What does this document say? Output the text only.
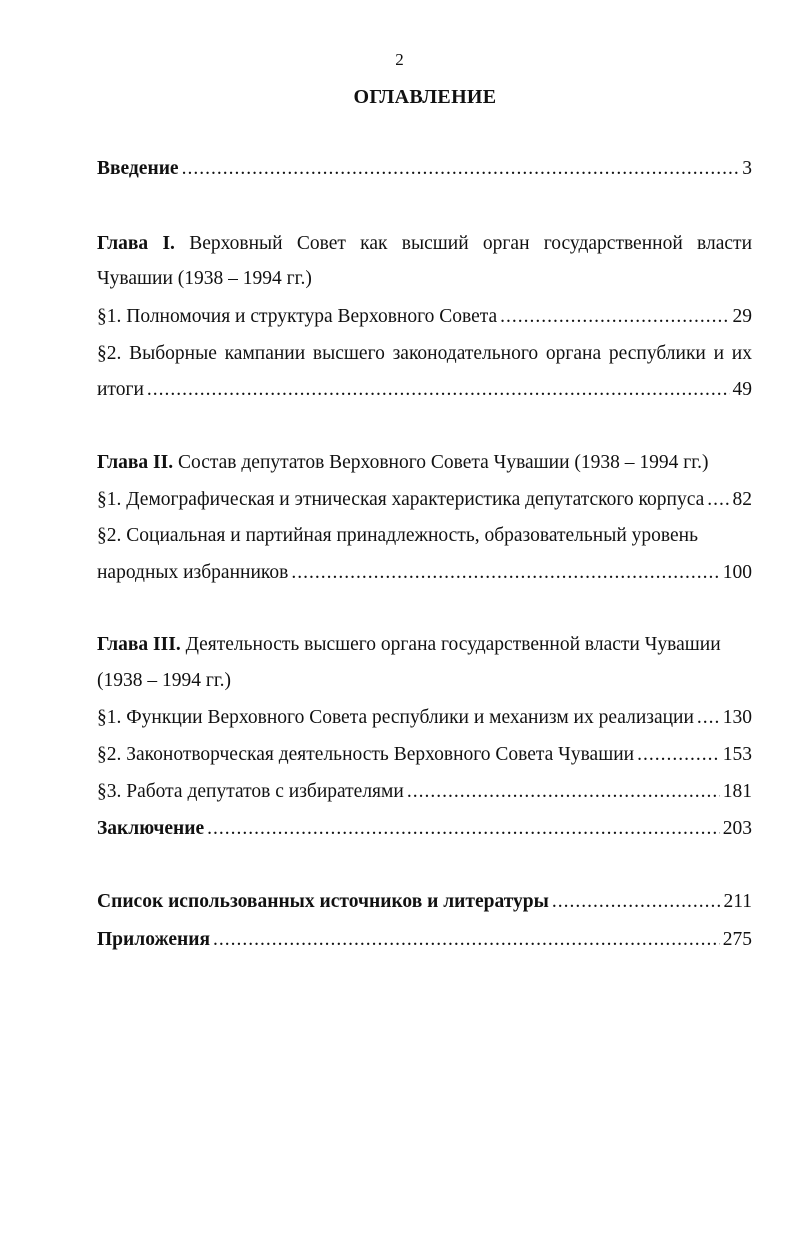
2
ОГЛАВЛЕНИЕ
Введение .....	3
Глава I. Верховный Совет как высший орган государственной власти
Чувашии (1938 – 1994 гг.)
§1. Полномочия и структура Верховного Совета .....	29
§2. Выборные кампании высшего законодательного органа республики и их
итоги .....	49
Глава II. Состав депутатов Верховного Совета Чувашии (1938 – 1994 гг.)
§1. Демографическая и этническая характеристика депутатского корпуса ..... 82
§2. Социальная и партийная принадлежность, образовательный уровень
народных избранников .....	100
Глава III. Деятельность высшего органа государственной власти Чувашии
(1938 – 1994 гг.)
§1. Функции Верховного Совета республики и механизм их реализации ..... 130
§2. Законотворческая деятельность Верховного Совета Чувашии .....	153
§3. Работа депутатов с избирателями .....	181
Заключение .....	203
Список использованных источников и литературы .....	211
Приложения .....	275
